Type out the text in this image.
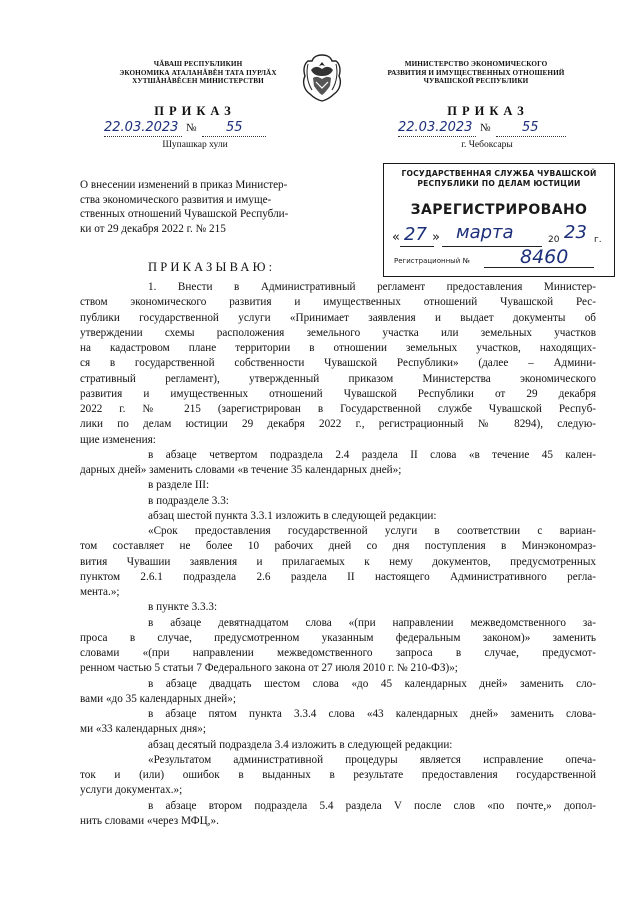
ЧĂВАШ РЕСПУБЛИКИН
ЭКОНОМИКА АТАЛАНĂВĔН ТАТА ПУРЛĂХ
ХУТШĂНĂВĔСЕН МИНИСТЕРСТВИ
МИНИСТЕРСТВО ЭКОНОМИЧЕСКОГО
РАЗВИТИЯ И ИМУЩЕСТВЕННЫХ ОТНОШЕНИЙ
ЧУВАШСКОЙ РЕСПУБЛИКИ
ПРИКАЗ	ПРИКАЗ
22.03.2023 № 55
Шупашкар хули
22.03.2023 № 55
г. Чебоксары
О внесении изменений в приказ Министер-
ства экономического развития и имуще-
ственных отношений Чувашской Республи-
ки от 29 декабря 2022 г. № 215
ГОСУДАРСТВЕННАЯ СЛУЖБА ЧУВАШСКОЙ
РЕСПУБЛИКИ ПО ДЕЛАМ ЮСТИЦИИ
ЗАРЕГИСТРИРОВАНО
« 27 » марта	20 23 г.
Регистрационный №	8460
ПРИКАЗЫВАЮ:
1. Внести в Административный регламент предоставления Министер-
ством экономического развития и имущественных отношений Чувашской Рес-
публики государственной услуги «Принимает заявления и выдает документы об
утверждении схемы расположения земельного участка или земельных участков
на кадастровом плане территории в отношении земельных участков, находящих-
ся в государственной собственности Чувашской Республики» (далее – Админи-
стративный регламент), утвержденный приказом Министерства экономического
развития и имущественных отношений Чувашской Республики от 29 декабря
2022 г. № 215 (зарегистрирован в Государственной службе Чувашской Респуб-
лики по делам юстиции 29 декабря 2022 г., регистрационный № 8294), следую-
щие изменения:
в абзаце четвертом подраздела 2.4 раздела II слова «в течение 45 кален-
дарных дней» заменить словами «в течение 35 календарных дней»;
в разделе III:
в подразделе 3.3:
абзац шестой пункта 3.3.1 изложить в следующей редакции:
«Срок предоставления государственной услуги в соответствии с вариан-
том составляет не более 10 рабочих дней со дня поступления в Минэкономраз-
вития Чувашии заявления и прилагаемых к нему документов, предусмотренных
пунктом 2.6.1 подраздела 2.6 раздела II настоящего Административного регла-
мента.»;
в пункте 3.3.3:
в абзаце девятнадцатом слова «(при направлении межведомственного за-
проса в случае, предусмотренном указанным федеральным законом)» заменить
словами «(при направлении межведомственного запроса в случае, предусмот-
ренном частью 5 статьи 7 Федерального закона от 27 июля 2010 г. № 210-ФЗ)»;
в абзаце двадцать шестом слова «до 45 календарных дней» заменить сло-
вами «до 35 календарных дней»;
в абзаце пятом пункта 3.3.4 слова «43 календарных дней» заменить слова-
ми «33 календарных дня»;
абзац десятый подраздела 3.4 изложить в следующей редакции:
«Результатом административной процедуры является исправление опеча-
ток и (или) ошибок в выданных в результате предоставления государственной
услуги документах.»;
в абзаце втором подраздела 5.4 раздела V после слов «по почте,» допол-
нить словами «через МФЦ,».
